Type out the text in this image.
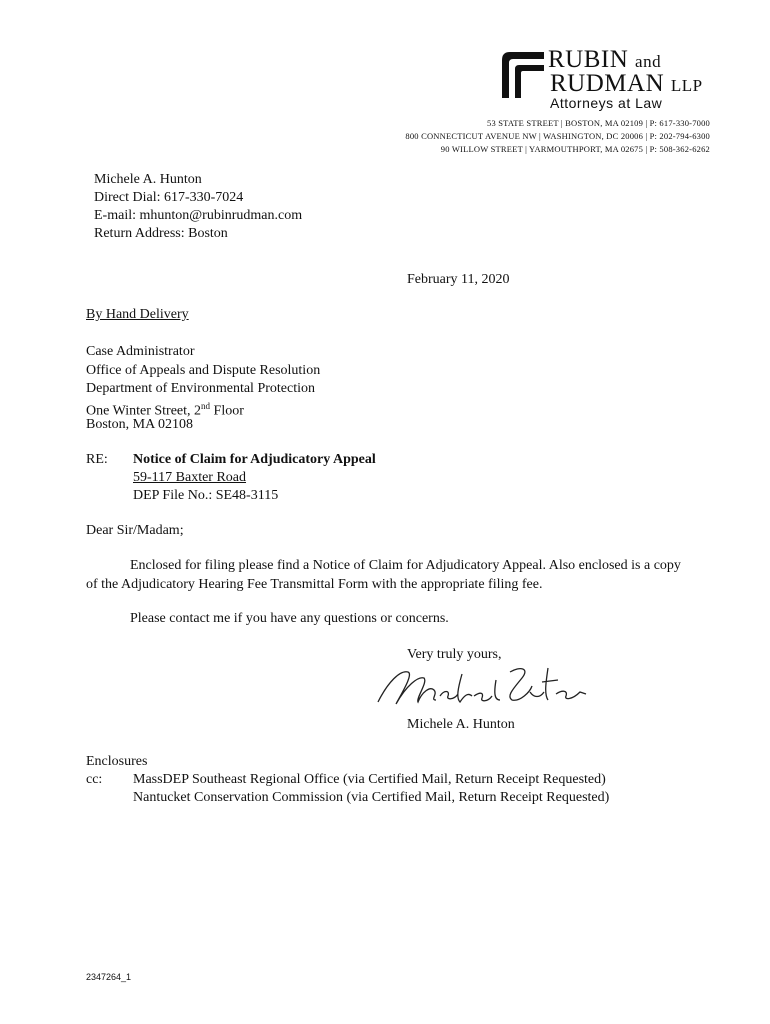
RUBIN and
RUDMAN LLP
Attorneys at Law
53 STATE STREET | BOSTON, MA 02109 | P: 617-330-7000
800 CONNECTICUT AVENUE NW | WASHINGTON, DC 20006 | P: 202-794-6300
90 WILLOW STREET | YARMOUTHPORT, MA 02675 | P: 508-362-6262
Michele A. Hunton
Direct Dial: 617-330-7024
E-mail: mhunton@rubinrudman.com
Return Address: Boston
February 11, 2020
By Hand Delivery
Case Administrator
Office of Appeals and Dispute Resolution
Department of Environmental Protection
One Winter Street, 2nd Floor
Boston, MA 02108
RE: Notice of Claim for Adjudicatory Appeal
59-117 Baxter Road
DEP File No.: SE48-3115
Dear Sir/Madam;
Enclosed for filing please find a Notice of Claim for Adjudicatory Appeal. Also enclosed is a copy of the Adjudicatory Hearing Fee Transmittal Form with the appropriate filing fee.
Please contact me if you have any questions or concerns.
Very truly yours,
Michele A. Hunton
Enclosures
cc: MassDEP Southeast Regional Office (via Certified Mail, Return Receipt Requested)
Nantucket Conservation Commission (via Certified Mail, Return Receipt Requested)
2347264_1
